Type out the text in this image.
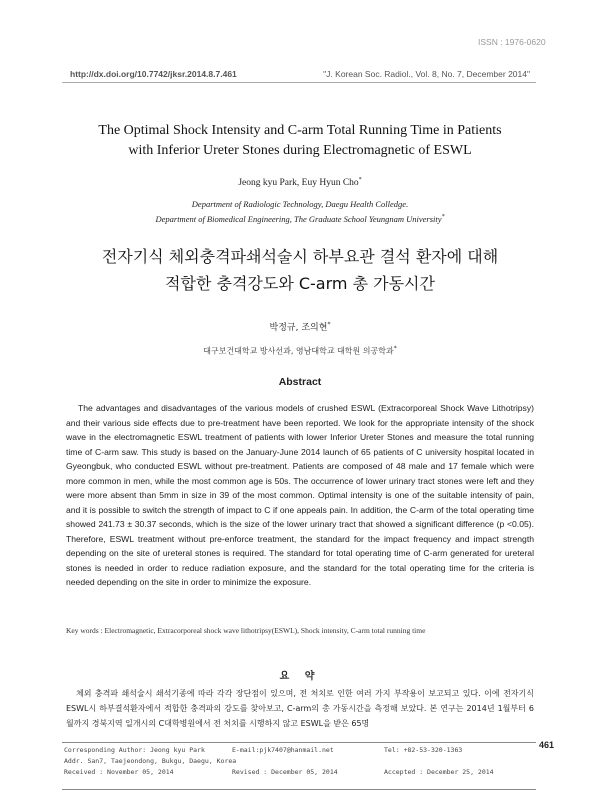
ISSN : 1976-0620
http://dx.doi.org/10.7742/jksr.2014.8.7.461	"J. Korean Soc. Radiol., Vol. 8, No. 7, December 2014"
The Optimal Shock Intensity and C-arm Total Running Time in Patients
with Inferior Ureter Stones during Electromagnetic of ESWL
Jeong kyu Park, Euy Hyun Cho*
Department of Radiologic Technology, Daegu Health Colledge.
Department of Biomedical Engineering, The Graduate School Yeungnam University*
전자기식 체외충격파쇄석술시 하부요관 결석 환자에 대해
적합한 충격강도와 C-arm 총 가동시간
박정규, 조의현*
대구보건대학교 방사선과, 영남대학교 대학원 의공학과*
Abstract

The advantages and disadvantages of the various models of crushed ESWL (Extracorporeal Shock Wave Lithotripsy) and their various side effects due to pre-treatment have been reported. We look for the appropriate intensity of the shock wave in the electromagnetic ESWL treatment of patients with lower Inferior Ureter Stones and measure the total running time of C-arm saw. This study is based on the January-June 2014 launch of 65 patients of C university hospital located in Gyeongbuk, who conducted ESWL without pre-treatment. Patients are composed of 48 male and 17 female which were more common in men, while the most common age is 50s. The occurrence of lower urinary tract stones were left and they were more absent than 5mm in size in 39 of the most common. Optimal intensity is one of the suitable intensity of pain, and it is possible to switch the strength of impact to C if one appeals pain. In addition, the C-arm of the total operating time showed 241.73 ± 30.37 seconds, which is the size of the lower urinary tract that showed a significant difference (p <0.05). Therefore, ESWL treatment without pre-enforce treatment, the standard for the impact frequency and impact strength depending on the site of ureteral stones is required. The standard for total operating time of C-arm generated for ureteral stones is needed in order to reduce radiation exposure, and the standard for the total operating time for the criteria is needed depending on the site in order to minimize the exposure.

Key words : Electromagnetic, Extracorporeal shock wave lithotripsy(ESWL), Shock intensity, C-arm total running time
요 약

체외 충격파 쇄석술시 쇄석기종에 따라 각각 장단점이 있으며, 전 처치로 인한 여러 가지 부작용이 보고되고 있다. 이에 전자기식 ESWL시 하부결석환자에서 적합한 충격파의 강도를 찾아보고, C-arm의 총 가동시간을 측정해 보았다. 본 연구는 2014년 1월부터 6월까지 경북지역 일개시의 C대학병원에서 전 처치를 시행하지 않고 ESWL을 받은 65명

461
Corresponding Author: Jeong kyu Park	E-mail:pjk7407@hanmail.net	Tel: +82-53-320-1363
Addr. San7, Taejeondong, Bukgu, Daegu, Korea
Received : November 05, 2014	Revised : December 05, 2014	Accepted : December 25, 2014
